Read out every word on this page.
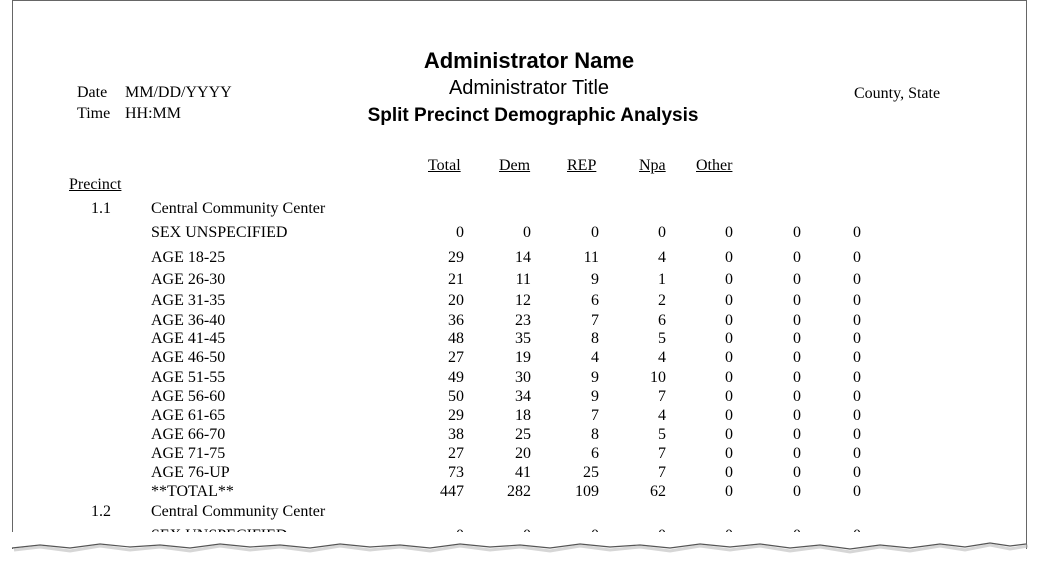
Administrator Name
Administrator Title
Split Precinct Demographic Analysis
Date MM/DD/YYYY
Time HH:MM
County, State
Total Dem REP	Npa Other
Precinct
1.1	Central Community Center
SEX UNSPECIFIED	0	0	0	0	0	0	0
AGE 18-25	29	14	11	4	0	0	0
AGE 26-30	21	11	9	1	0	0	0
AGE 31-35	20	12	6	2	0	0	0
AGE 36-40	36	23	7	6	0	0	0
AGE 41-45	48	35	8	5	0	0	0
AGE 46-50	27	19	4	4	0	0	0
AGE 51-55	49	30	9	10	0	0	0
AGE 56-60	50	34	9	7	0	0	0
AGE 61-65	29	18	7	4	0	0	0
AGE 66-70	38	25	8	5	0	0	0
AGE 71-75	27	20	6	7	0	0	0
AGE 76-UP	73	41	25	7	0	0	0
**TOTAL**	447	282	109	62	0	0	0
1.2	Central Community Center
